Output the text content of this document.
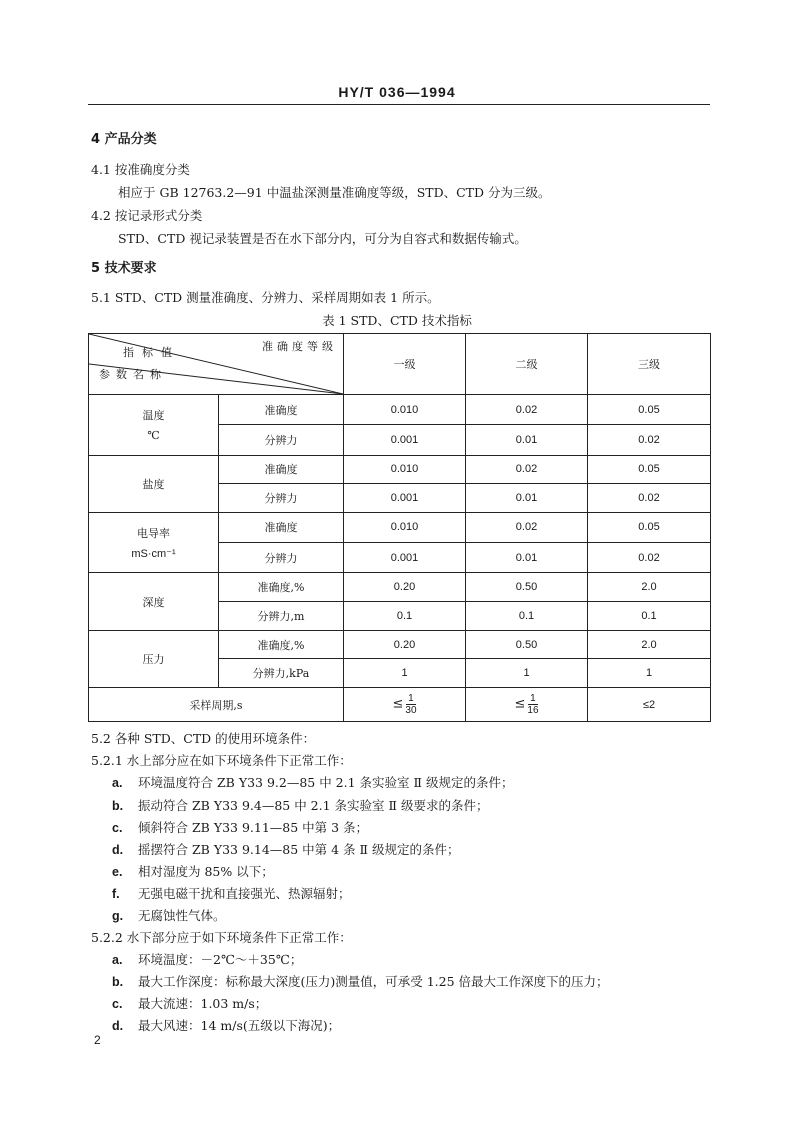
HY/T 036—1994
4 产品分类
4.1 按准确度分类
相应于 GB 12763.2—91 中温盐深测量准确度等级，STD、CTD 分为三级。
4.2 按记录形式分类
STD、CTD 视记录装置是否在水下部分内，可分为自容式和数据传输式。
5 技术要求
5.1 STD、CTD 测量准确度、分辨力、采样周期如表 1 所示。
表 1 STD、CTD 技术指标
准确度等级
指标值
参数名称		一级	二级	三级

温度
℃	准确度	0.010	0.02	0.05
	分辨力	0.001	0.01	0.02

盐度	准确度	0.010	0.02	0.05
	分辨力	0.001	0.01	0.02

电导率
mS·cm⁻¹	准确度	0.010	0.02	0.05
	分辨力	0.001	0.01	0.02

深度	准确度,%	0.20	0.50	2.0
	分辨力,m	0.1	0.1	0.1

压力	准确度,%	0.20	0.50	2.0
	分辨力,kPa	1	1	1
采样周期,s		≤ $\frac{1}{30}$	≤ $\frac{1}{16}$	≤2
5.2 各种 STD、CTD 的使用环境条件：
5.2.1 水上部分应在如下环境条件下正常工作：
a. 环境温度符合 ZB Y33 9.2—85 中 2.1 条实验室 Ⅱ 级规定的条件；
b. 振动符合 ZB Y33 9.4—85 中 2.1 条实验室 Ⅱ 级要求的条件；
c. 倾斜符合 ZB Y33 9.11—85 中第 3 条；
d. 摇摆符合 ZB Y33 9.14—85 中第 4 条 Ⅱ 级规定的条件；
e. 相对湿度为 85% 以下；
f. 无强电磁干扰和直接强光、热源辐射；
g. 无腐蚀性气体。
5.2.2 水下部分应于如下环境条件下正常工作：
a. 环境温度：－2℃～＋35℃；
b. 最大工作深度：标称最大深度(压力)测量值，可承受 1.25 倍最大工作深度下的压力；
c. 最大流速：1.03 m/s；
d. 最大风速：14 m/s(五级以下海况)；
2
